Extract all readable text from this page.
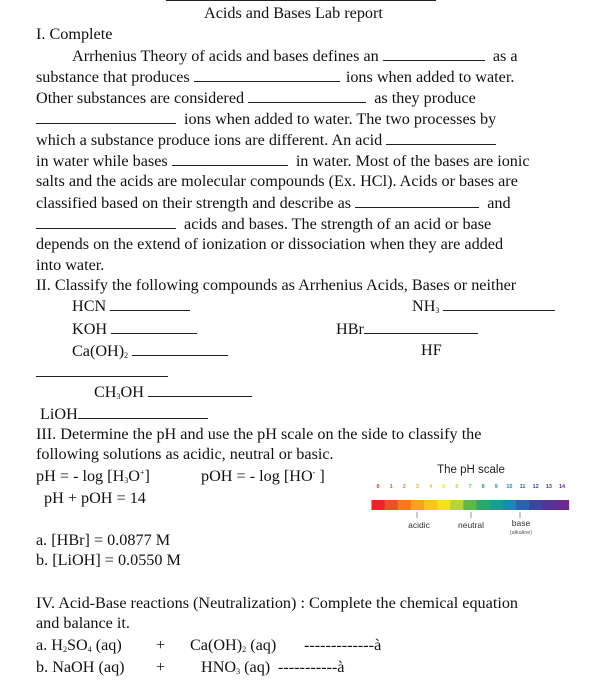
Acids and Bases Lab report
I. Complete
Arrhenius Theory of acids and bases defines an	as a
substance that produces	ions when added to water.
Other substances are considered	as they produce
ions when added to water. The two processes by
which a substance produce ions are different. An acid
in water while bases	in water. Most of the bases are ionic
salts and the acids are molecular compounds (Ex. HCl). Acids or bases are
classified based on their strength and describe as	and
acids and bases. The strength of an acid or base
depends on the extend of ionization or dissociation when they are added
into water.
II. Classify the following compounds as Arrhenius Acids, Bases or neither
HCN	$NH_3$
KOH	HBr
$Ca(OH)_2$	HF
$CH_3OH$
LiOH
III. Determine the pH and use the pH scale on the side to classify the
following solutions as acidic, neutral or basic.
pH = - $\log [H_3O^+]$	pOH = - log [HO- ]
pH + pOH = 14
The pH scale
0 1 2 3 4 5 6 7 8 9 10 11 12 13 14
acidic	neutral	base
(alkaline)
a. [HBr] = 0.0877 M
b. [LiOH] = 0.0550 M
IV. Acid-Base reactions (Neutralization) : Complete the chemical equation
and balance it.
a. $H_2SO_4$ $(aq) + Ca(OH)_2$ (aq) -------------à
b. NaOH $(aq) + HNO_3$ (aq) -----------à
